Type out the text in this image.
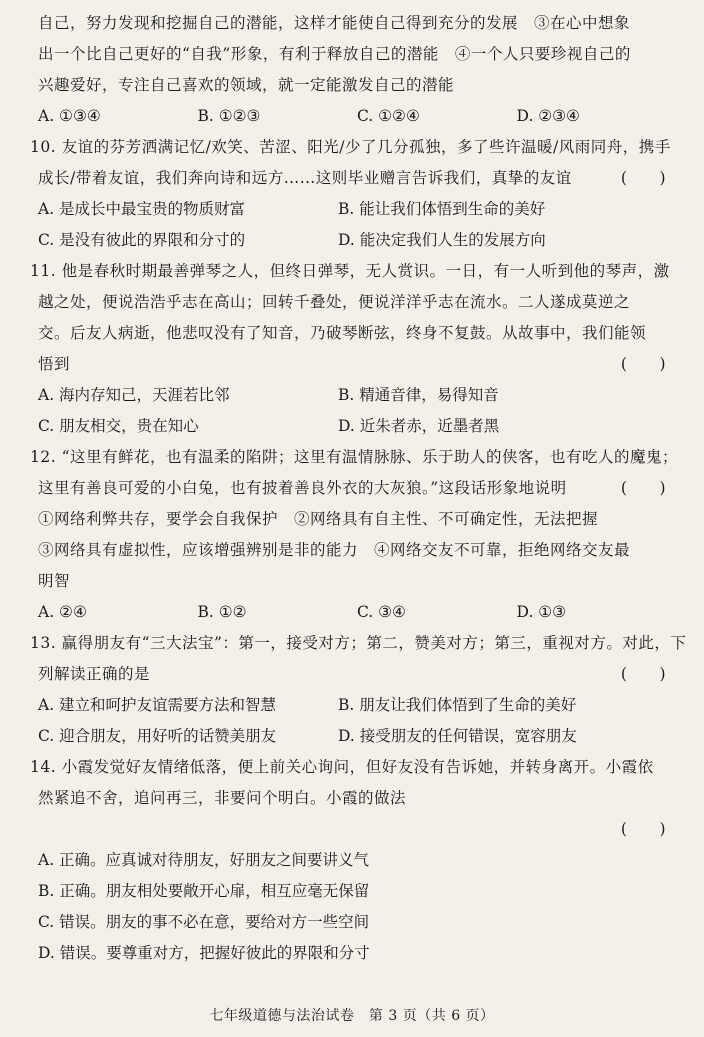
自己，努力发现和挖掘自己的潜能，这样才能使自己得到充分的发展　③在心中想象
出一个比自己更好的“自我”形象，有利于释放自己的潜能　④一个人只要珍视自己的
兴趣爱好，专注自己喜欢的领域，就一定能激发自己的潜能
A. ①③④	B. ①②③	C. ①②④	D. ②③④
10. 友谊的芬芳洒满记忆/欢笑、苦涩、阳光/少了几分孤独，多了些许温暖/风雨同舟，携手
成长/带着友谊，我们奔向诗和远方……这则毕业赠言告诉我们，真挚的友谊	(　　)
A. 是成长中最宝贵的物质财富	B. 能让我们体悟到生命的美好
C. 是没有彼此的界限和分寸的	D. 能决定我们人生的发展方向
11. 他是春秋时期最善弹琴之人，但终日弹琴，无人赏识。一日，有一人听到他的琴声，激
越之处，便说浩浩乎志在高山；回转千叠处，便说洋洋乎志在流水。二人遂成莫逆之
交。后友人病逝，他悲叹没有了知音，乃破琴断弦，终身不复鼓。从故事中，我们能领
悟到	(　　)
A. 海内存知己，天涯若比邻	B. 精通音律，易得知音
C. 朋友相交，贵在知心	D. 近朱者赤，近墨者黑
12. “这里有鲜花，也有温柔的陷阱；这里有温情脉脉、乐于助人的侠客，也有吃人的魔鬼；
这里有善良可爱的小白兔，也有披着善良外衣的大灰狼。”这段话形象地说明	(　　)
①网络利弊共存，要学会自我保护　②网络具有自主性、不可确定性，无法把握
③网络具有虚拟性，应该增强辨别是非的能力　④网络交友不可靠，拒绝网络交友最
明智
A. ②④	B. ①②	C. ③④	D. ①③
13. 赢得朋友有“三大法宝”：第一，接受对方；第二，赞美对方；第三，重视对方。对此，下
列解读正确的是	(　　)
A. 建立和呵护友谊需要方法和智慧	B. 朋友让我们体悟到了生命的美好
C. 迎合朋友，用好听的话赞美朋友	D. 接受朋友的任何错误，宽容朋友
14. 小霞发觉好友情绪低落，便上前关心询问，但好友没有告诉她，并转身离开。小霞依
然紧追不舍，追问再三，非要问个明白。小霞的做法
(　　)
A. 正确。应真诚对待朋友，好朋友之间要讲义气
B. 正确。朋友相处要敞开心扉，相互应毫无保留
C. 错误。朋友的事不必在意，要给对方一些空间
D. 错误。要尊重对方，把握好彼此的界限和分寸
七年级道德与法治试卷　第 3 页（共 6 页）
